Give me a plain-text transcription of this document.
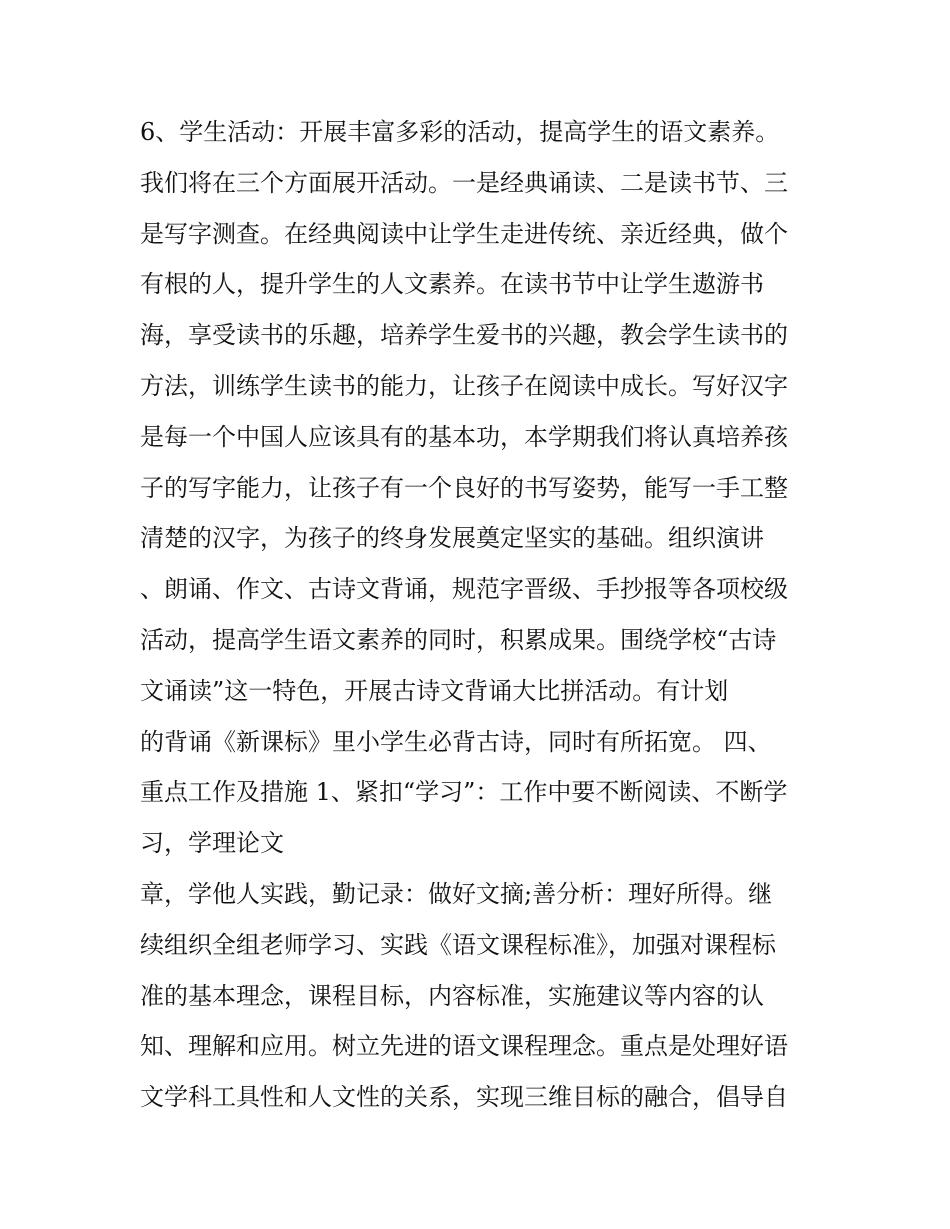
6、学生活动：开展丰富多彩的活动，提高学生的语文素养。
我们将在三个方面展开活动。一是经典诵读、二是读书节、三
是写字测查。在经典阅读中让学生走进传统、亲近经典，做个
有根的人，提升学生的人文素养。在读书节中让学生遨游书
海，享受读书的乐趣，培养学生爱书的兴趣，教会学生读书的
方法，训练学生读书的能力，让孩子在阅读中成长。写好汉字
是每一个中国人应该具有的基本功，本学期我们将认真培养孩
子的写字能力，让孩子有一个良好的书写姿势，能写一手工整
清楚的汉字，为孩子的终身发展奠定坚实的基础。组织演讲
、朗诵、作文、古诗文背诵，规范字晋级、手抄报等各项校级
活动，提高学生语文素养的同时，积累成果。围绕学校“古诗
文诵读”这一特色，开展古诗文背诵大比拼活动。有计划
的背诵《新课标》里小学生必背古诗，同时有所拓宽。 四、
重点工作及措施 1、紧扣“学习”：工作中要不断阅读、不断学
习，学理论文
章，学他人实践，勤记录：做好文摘;善分析：理好所得。继
续组织全组老师学习、实践《语文课程标准》，加强对课程标
准的基本理念，课程目标，内容标准，实施建议等内容的认
知、理解和应用。树立先进的语文课程理念。重点是处理好语
文学科工具性和人文性的关系，实现三维目标的融合，倡导自
